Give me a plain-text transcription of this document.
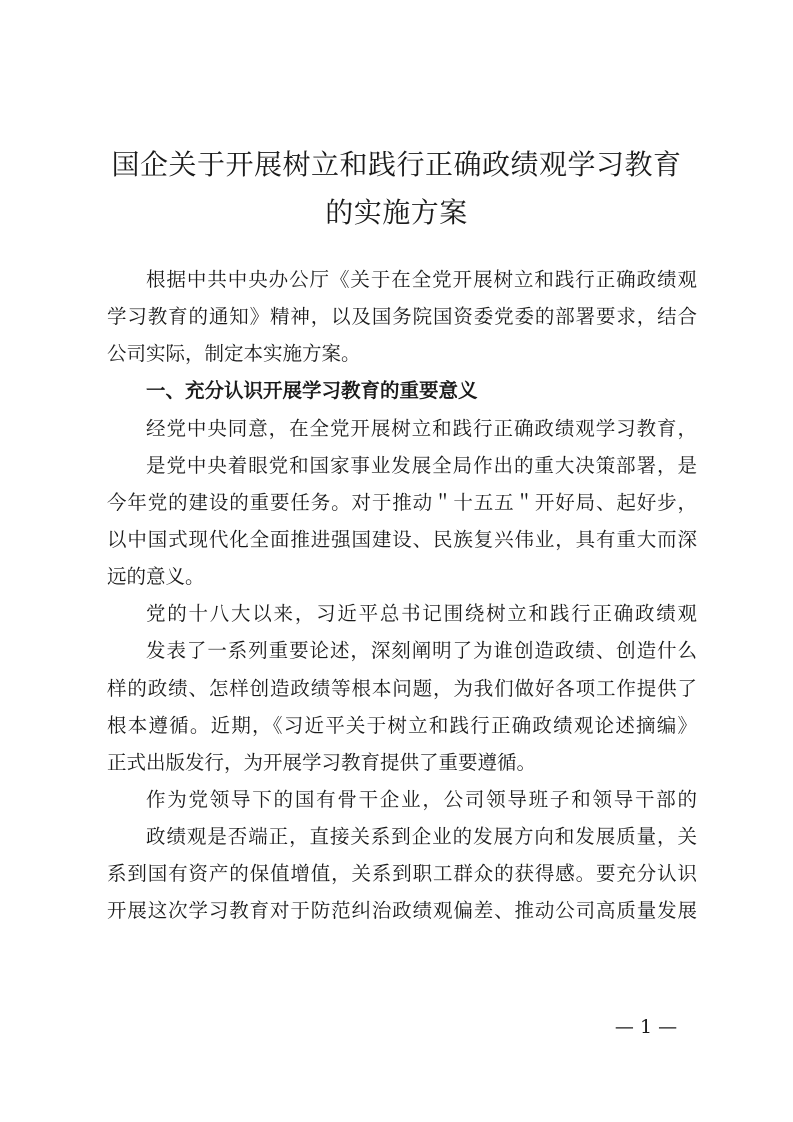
国企关于开展树立和践行正确政绩观学习教育
的实施方案
根据中共中央办公厅《关于在全党开展树立和践行正确政绩观
学习教育的通知》精神，以及国务院国资委党委的部署要求，结合
公司实际，制定本实施方案。
一、充分认识开展学习教育的重要意义
经党中央同意，在全党开展树立和践行正确政绩观学习教育，
是党中央着眼党和国家事业发展全局作出的重大决策部署，是
今年党的建设的重要任务。对于推动＂十五五＂开好局、起好步，
以中国式现代化全面推进强国建设、民族复兴伟业，具有重大而深
远的意义。
党的十八大以来，习近平总书记围绕树立和践行正确政绩观
发表了一系列重要论述，深刻阐明了为谁创造政绩、创造什么
样的政绩、怎样创造政绩等根本问题，为我们做好各项工作提供了
根本遵循。近期，《习近平关于树立和践行正确政绩观论述摘编》
正式出版发行，为开展学习教育提供了重要遵循。
作为党领导下的国有骨干企业，公司领导班子和领导干部的
政绩观是否端正，直接关系到企业的发展方向和发展质量，关
系到国有资产的保值增值，关系到职工群众的获得感。要充分认识
开展这次学习教育对于防范纠治政绩观偏差、推动公司高质量发展
— 1 —
